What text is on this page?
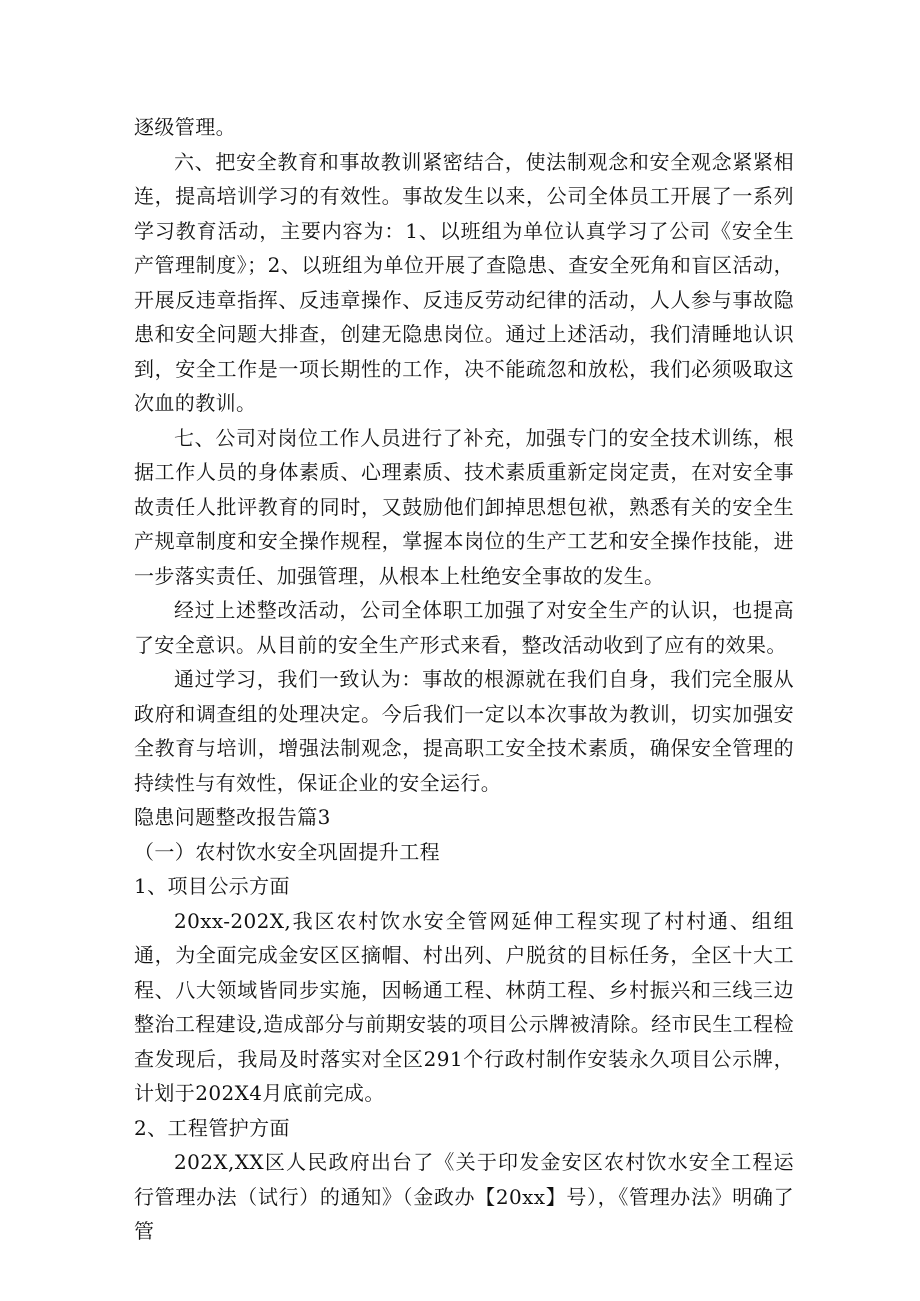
逐级管理。

六、把安全教育和事故教训紧密结合，使法制观念和安全观念紧紧相连，提高培训学习的有效性。事故发生以来，公司全体员工开展了一系列学习教育活动，主要内容为：1、以班组为单位认真学习了公司《安全生产管理制度》；2、以班组为单位开展了查隐患、查安全死角和盲区活动，开展反违章指挥、反违章操作、反违反劳动纪律的活动，人人参与事故隐患和安全问题大排查，创建无隐患岗位。通过上述活动，我们清睡地认识到，安全工作是一项长期性的工作，决不能疏忽和放松，我们必须吸取这次血的教训。

七、公司对岗位工作人员进行了补充，加强专门的安全技术训练，根据工作人员的身体素质、心理素质、技术素质重新定岗定责，在对安全事故责任人批评教育的同时，又鼓励他们卸掉思想包袱，熟悉有关的安全生产规章制度和安全操作规程，掌握本岗位的生产工艺和安全操作技能，进一步落实责任、加强管理，从根本上杜绝安全事故的发生。

经过上述整改活动，公司全体职工加强了对安全生产的认识，也提高了安全意识。从目前的安全生产形式来看，整改活动收到了应有的效果。

通过学习，我们一致认为：事故的根源就在我们自身，我们完全服从政府和调查组的处理决定。今后我们一定以本次事故为教训，切实加强安全教育与培训，增强法制观念，提高职工安全技术素质，确保安全管理的持续性与有效性，保证企业的安全运行。

隐患问题整改报告篇3

（一）农村饮水安全巩固提升工程

1、项目公示方面

20xx-202X,我区农村饮水安全管网延伸工程实现了村村通、组组通，为全面完成金安区区摘帽、村出列、户脱贫的目标任务，全区十大工程、八大领域皆同步实施，因畅通工程、林荫工程、乡村振兴和三线三边整治工程建设,造成部分与前期安装的项目公示牌被清除。经市民生工程检查发现后，我局及时落实对全区291个行政村制作安装永久项目公示牌，计划于202X4月底前完成。

2、工程管护方面

202X,XX区人民政府出台了《关于印发金安区农村饮水安全工程运行管理办法（试行）的通知》（金政办【20xx】号），《管理办法》明确了管
